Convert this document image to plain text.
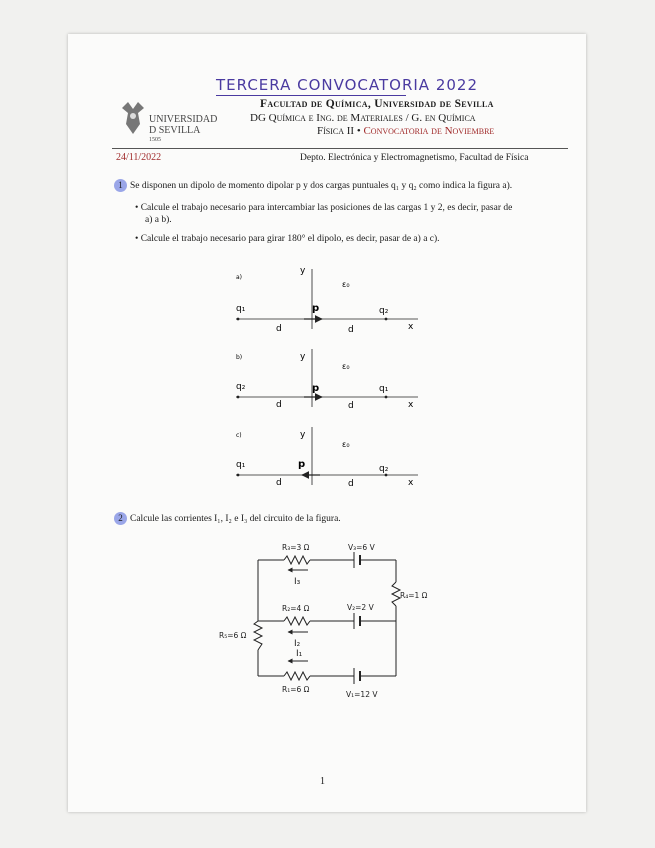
TERCERA CONVOCATORIA 2022
UNIVERSIDAD
D SEVILLA
1505
Facultad de Química, Universidad de Sevilla
DG Química e Ing. de Materiales / G. en Química
Física II • Convocatoria de Noviembre
24/11/2022	Depto. Electrónica y Electromagnetismo, Facultad de Física
1 Se disponen un dipolo de momento dipolar p y dos cargas puntuales q₁ y q₂ como indica la figura a).
• Calcule el trabajo necesario para intercambiar las posiciones de las cargas 1 y 2, es decir, pasar de
a) a b).
• Calcule el trabajo necesario para girar 180° el dipolo, es decir, pasar de a) a c).
a)
y
ε₀
q₁	p	q₂
d	d	x
b)	y
ε₀
q₂	p	q₁
d	d	x
c)	y
ε₀
q₁	p	q₂
d	d	x
2 Calcule las corrientes I₁, I₂ e I₃ del circuito de la figura.
R₃=3 Ω	V₃=6 V
I₃
R₄=1 Ω
R₂=4 Ω	V₂=2 V
I₂
R₅=6 Ω
I₁
R₁=6 Ω
V₁=12 V
1
